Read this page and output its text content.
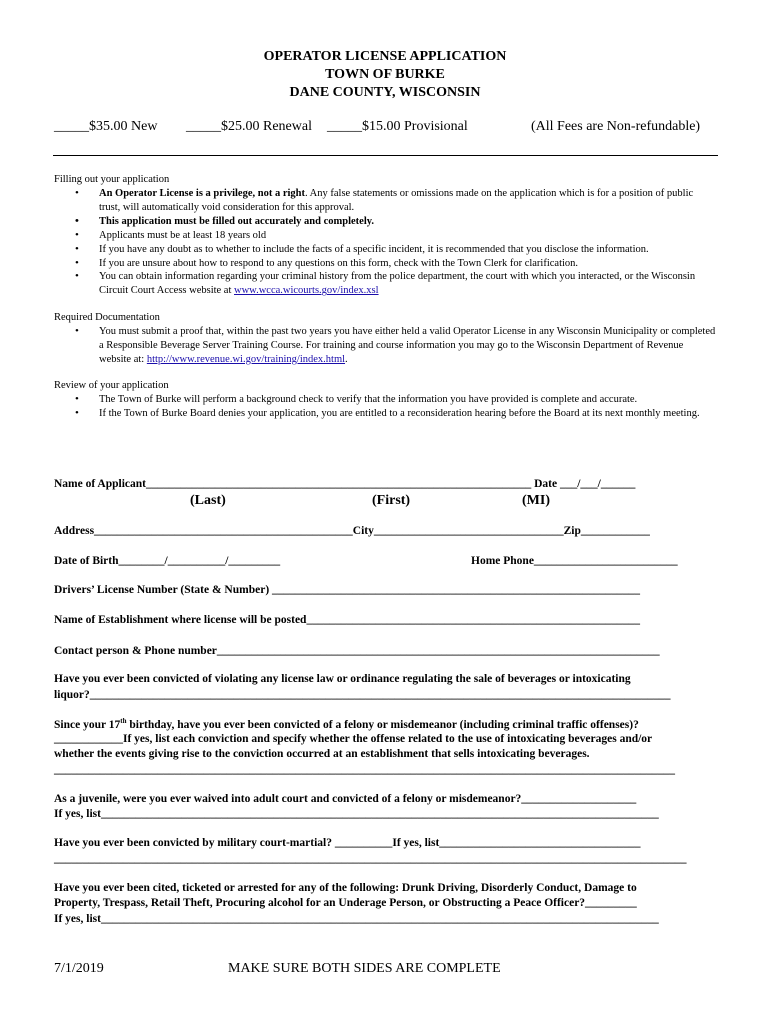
OPERATOR LICENSE APPLICATION
TOWN OF BURKE
DANE COUNTY, WISCONSIN
_____$35.00 New _____$25.00 Renewal _____$15.00 Provisional	(All Fees are Non-refundable)
Filling out your application
• An Operator License is a privilege, not a right. Any false statements or omissions made on the application which is for a position of public trust, will automatically void consideration for this approval.
• This application must be filled out accurately and completely.
• Applicants must be at least 18 years old
• If you have any doubt as to whether to include the facts of a specific incident, it is recommended that you disclose the information.
• If you are unsure about how to respond to any questions on this form, check with the Town Clerk for clarification.
• You can obtain information regarding your criminal history from the police department, the court with which you interacted, or the Wisconsin Circuit Court Access website at www.wcca.wicourts.gov/index.xsl
Required Documentation
• You must submit a proof that, within the past two years you have either held a valid Operator License in any Wisconsin Municipality or completed a Responsible Beverage Server Training Course. For training and course information you may go to the Wisconsin Department of Revenue website at: http://www.revenue.wi.gov/training/index.html.
Review of your application
• The Town of Burke will perform a background check to verify that the information you have provided is complete and accurate.
• If the Town of Burke Board denies your application, you are entitled to a reconsideration hearing before the Board at its next monthly meeting.
Name of Applicant___________________________________________________________________ Date ___/___/______
(Last)	(First)	(MI)
Address_____________________________________________City_________________________________Zip____________
Date of Birth________/__________/_________	Home Phone_________________________
Drivers’ License Number (State & Number) ________________________________________________________________
Name of Establishment where license will be posted__________________________________________________________
Contact person & Phone number_____________________________________________________________________________
Have you ever been convicted of violating any license law or ordinance regulating the sale of beverages or intoxicating
liquor?_____________________________________________________________________________________________________
Since your 17th birthday, have you ever been convicted of a felony or misdemeanor (including criminal traffic offenses)?
____________If yes, list each conviction and specify whether the offense related to the use of intoxicating beverages and/or
whether the events giving rise to the conviction occurred at an establishment that sells intoxicating beverages.
____________________________________________________________________________________________________________
As a juvenile, were you ever waived into adult court and convicted of a felony or misdemeanor?____________________
If yes, list_________________________________________________________________________________________________
Have you ever been convicted by military court-martial? __________If yes, list___________________________________
______________________________________________________________________________________________________________
Have you ever been cited, ticketed or arrested for any of the following: Drunk Driving, Disorderly Conduct, Damage to
Property, Trespass, Retail Theft, Procuring alcohol for an Underage Person, or Obstructing a Peace Officer?_________
If yes, list_________________________________________________________________________________________________
7/1/2019	MAKE SURE BOTH SIDES ARE COMPLETE
